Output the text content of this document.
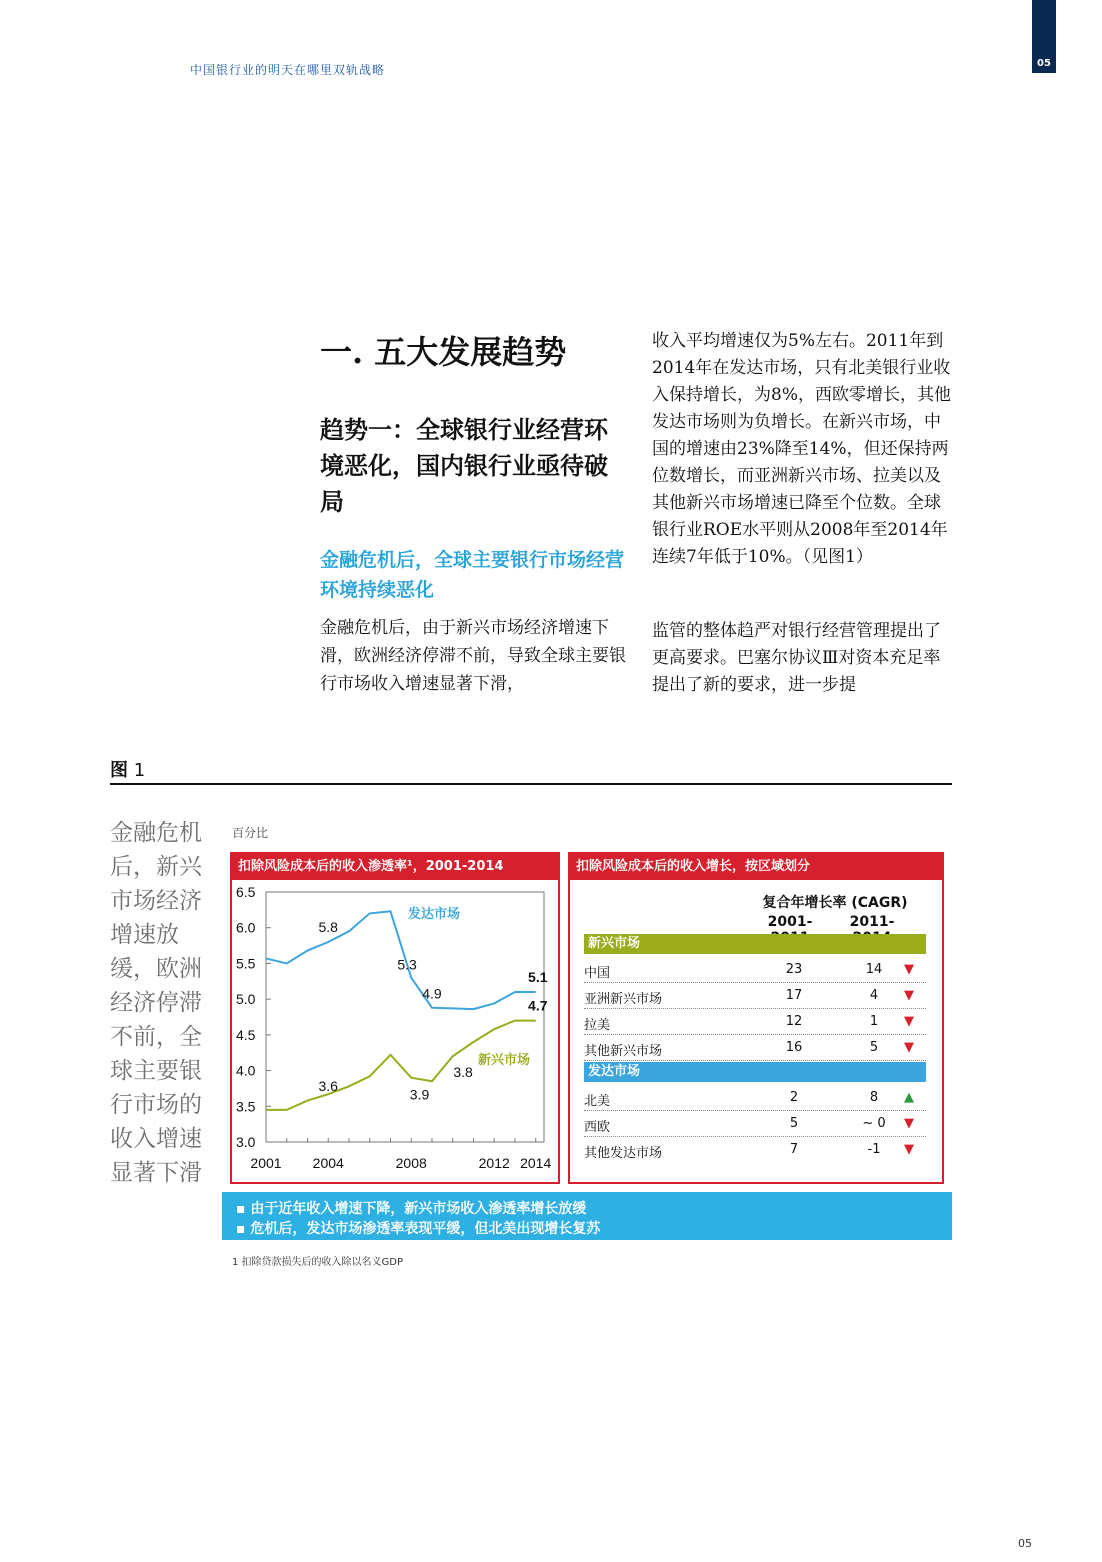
中国银行业的明天在哪里双轨战略	05
一. 五大发展趋势
趋势一：全球银行业经营环境恶化，国内银行业亟待破局
金融危机后，全球主要银行市场经营环境持续恶化
金融危机后，由于新兴市场经济增速下滑，欧洲经济停滞不前，导致全球主要银行市场收入增速显著下滑，
收入平均增速仅为5%左右。2011年到2014年在发达市场，只有北美银行业收入保持增长，为8%，西欧零增长，其他发达市场则为负增长。在新兴市场，中国的增速由23%降至14%，但还保持两位数增长，而亚洲新兴市场、拉美以及其他新兴市场增速已降至个位数。全球银行业ROE水平则从2008年至2014年连续7年低于10%。（见图1）
监管的整体趋严对银行经营管理提出了更高要求。巴塞尔协议Ⅲ对资本充足率提出了新的要求，进一步提
图 1
金融危机后，新兴市场经济增速放缓，欧洲经济停滞不前，全球主要银行市场的收入增速显著下滑
百分比
扣除风险成本后的收入渗透率¹，2001-2014
6.5
6.0
5.5
5.0
4.5
4.0
3.5
3.0
2001 2004	2008	2012 2014
发达市场
新兴市场
5.8
5.3
4.9
5.1
3.6
3.9
3.8
4.7
扣除风险成本后的收入增长，按区域划分
复合年增长率 (CAGR)
2001-	2011-
新兴市场
中国	23	14	▼
亚洲新兴市场	17	4	▼
拉美	12	1	▼
其他新兴市场	16	5	▼
发达市场
北美	2	8	▲
西欧	5	~ 0	▼
其他发达市场	7	-1	▼
▪ 由于近年收入增速下降，新兴市场收入渗透率增长放缓
▪ 危机后，发达市场渗透率表现平缓，但北美出现增长复苏
1 扣除贷款损失后的收入除以名义GDP
05
